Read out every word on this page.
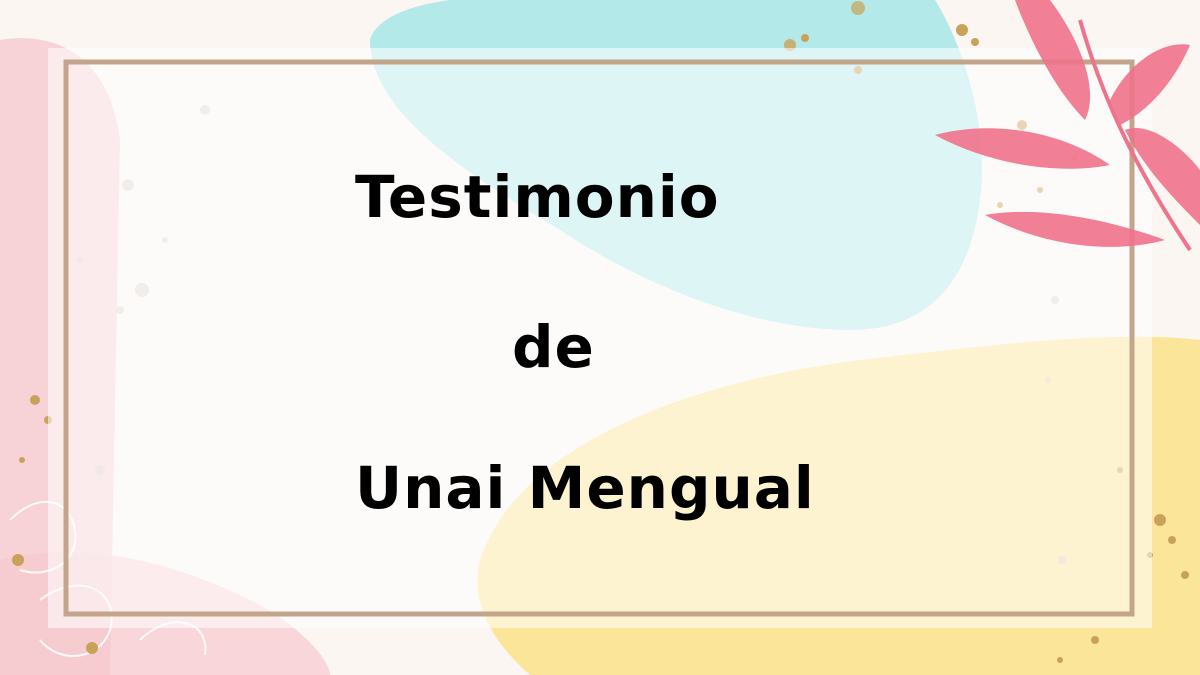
Testimonio
de
Unai Mengual
